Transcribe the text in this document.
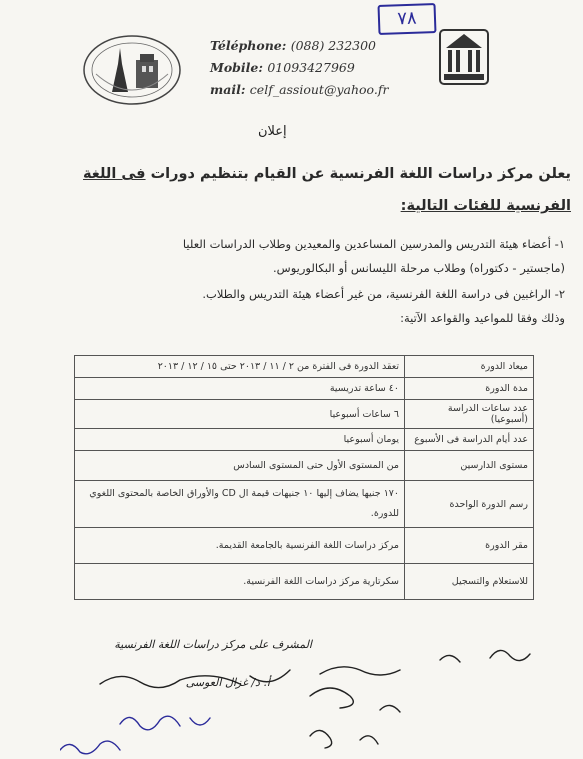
٧٨
Téléphone: (088) 232300
Mobile: 01093427969
mail: celf_assiout@yahoo.fr
إعلان
يعلن مركز دراسات اللغة الفرنسية عن القيام بتنظيم دورات فى اللغة
الفرنسية للفئات التالية:
١- أعضاء هيئة التدريس والمدرسين المساعدين والمعيدين وطلاب الدراسات العليا
(ماجستير - دكتوراه) وطلاب مرحلة الليسانس أو البكالوريوس.
٢- الراغبين فى دراسة اللغة الفرنسية، من غير أعضاء هيئة التدريس والطلاب.
وذلك وفقا للمواعيد والقواعد الآتية:
ميعاد الدورة	تعقد الدورة فى الفترة من ٢ / ١١ / ٢٠١٣ حتى ١٥ / ١٢ / ٢٠١٣
مدة الدورة	٤٠ ساعة تدريسية
عدد ساعات الدراسة (أسبوعيا)	٦ ساعات أسبوعيا
عدد أيام الدراسة فى الأسبوع	يومان أسبوعيا
مستوى الدارسين	من المستوى الأول حتى المستوى السادس
رسم الدورة الواحدة	١٧٠ جنيها يضاف إليها ١٠ جنيهات قيمة ال CD والأوراق الخاصة بالمحتوى اللغوي للدورة.
مقر الدورة	مركز دراسات اللغة الفرنسية بالجامعة القديمة.
للاستعلام والتسجيل	سكرتارية مركز دراسات اللغة الفرنسية.
المشرف على مركز دراسات اللغة الفرنسية
أ. د/ غزال العوسى
